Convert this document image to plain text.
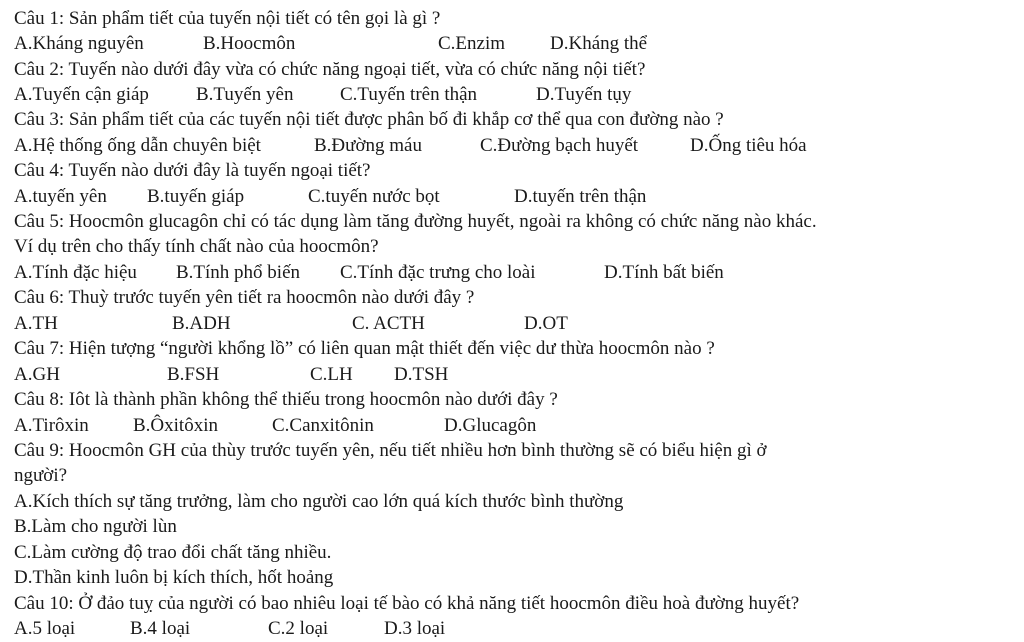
Câu 1: Sản phẩm tiết của tuyến nội tiết có tên gọi là gì ?
A.Kháng nguyên	B.Hoocmôn	C.Enzim D.Kháng thể
Câu 2: Tuyến nào dưới đây vừa có chức năng ngoại tiết, vừa có chức năng nội tiết?
A.Tuyến cận giáp B.Tuyến yên C.Tuyến trên thận	D.Tuyến tụy
Câu 3: Sản phẩm tiết của các tuyến nội tiết được phân bố đi khắp cơ thể qua con đường nào ?
A.Hệ thống ống dẫn chuyên biệt	B.Đường máu	C.Đường bạch huyết	D.Ống tiêu hóa
Câu 4: Tuyến nào dưới đây là tuyến ngoại tiết?
A.tuyến yên B.tuyến giáp	C.tuyến nước bọt	D.tuyến trên thận
Câu 5: Hoocmôn glucagôn chỉ có tác dụng làm tăng đường huyết, ngoài ra không có chức năng nào khác.
Ví dụ trên cho thấy tính chất nào của hoocmôn?
A.Tính đặc hiệu B.Tính phổ biến C.Tính đặc trưng cho loài	D.Tính bất biến
Câu 6: Thuỳ trước tuyến yên tiết ra hoocmôn nào dưới đây ?
A.TH	B.ADH	C. ACTH	D.OT
Câu 7: Hiện tượng “người khổng lồ” có liên quan mật thiết đến việc dư thừa hoocmôn nào ?
A.GH	B.FSH	C.LH D.TSH
Câu 8: Iôt là thành phần không thể thiếu trong hoocmôn nào dưới đây ?
A.Tirôxin B.Ôxitôxin	C.Canxitônin	D.Glucagôn
Câu 9: Hoocmôn GH của thùy trước tuyến yên, nếu tiết nhiều hơn bình thường sẽ có biểu hiện gì ở
người?
A.Kích thích sự tăng trưởng, làm cho người cao lớn quá kích thước bình thường
B.Làm cho người lùn
C.Làm cường độ trao đổi chất tăng nhiều.
D.Thần kinh luôn bị kích thích, hốt hoảng
Câu 10: Ở đảo tuỵ của người có bao nhiêu loại tế bào có khả năng tiết hoocmôn điều hoà đường huyết?
A.5 loại	B.4 loại	C.2 loại	D.3 loại
